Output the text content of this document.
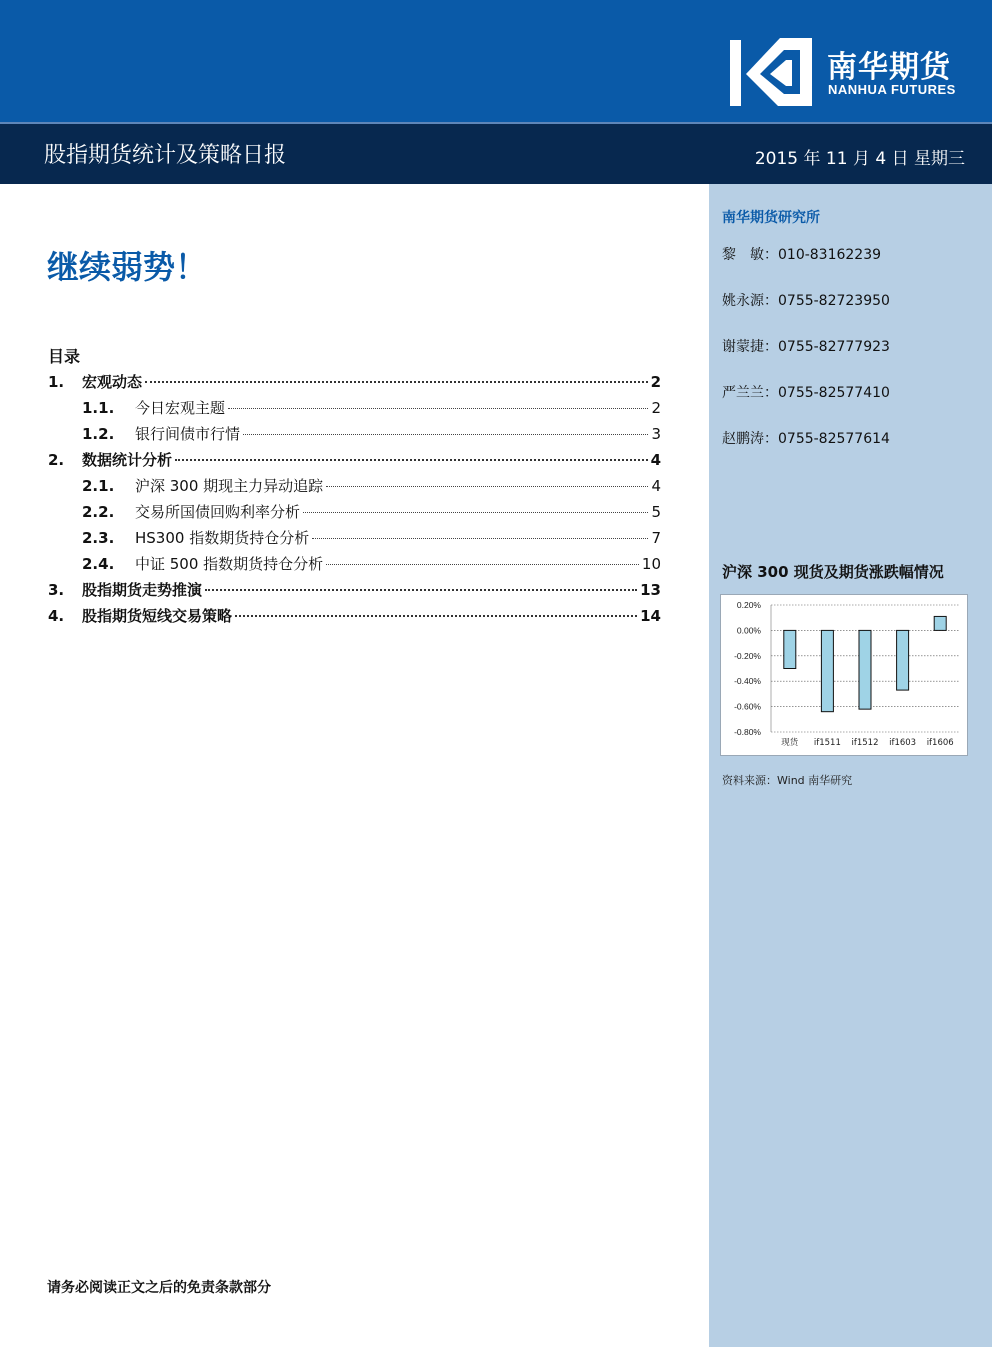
南华期货
NANHUA FUTURES
股指期货统计及策略日报	2015 年 11 月 4 日 星期三
继续弱势！
目录
1.	宏观动态	2
1.1.	今日宏观主题	2
1.2.	银行间债市行情	3
2.	数据统计分析	4
2.1.	沪深 300 期现主力异动追踪	4
2.2.	交易所国债回购利率分析	5
2.3.	HS300 指数期货持仓分析	7
2.4.	中证 500 指数期货持仓分析	10
3.	股指期货走势推演	13
4.	股指期货短线交易策略	14
南华期货研究所
黎　敏：010-83162239
姚永源：0755-82723950
谢蒙捷：0755-82777923
严兰兰：0755-82577410
赵鹏涛：0755-82577614
沪深 300 现货及期货涨跌幅情况
0.20%
0.00%
-0.20%
-0.40%
-0.60%
-0.80%
现货 if1511 if1512 if1603 if1606
资料来源：Wind 南华研究
请务必阅读正文之后的免责条款部分
